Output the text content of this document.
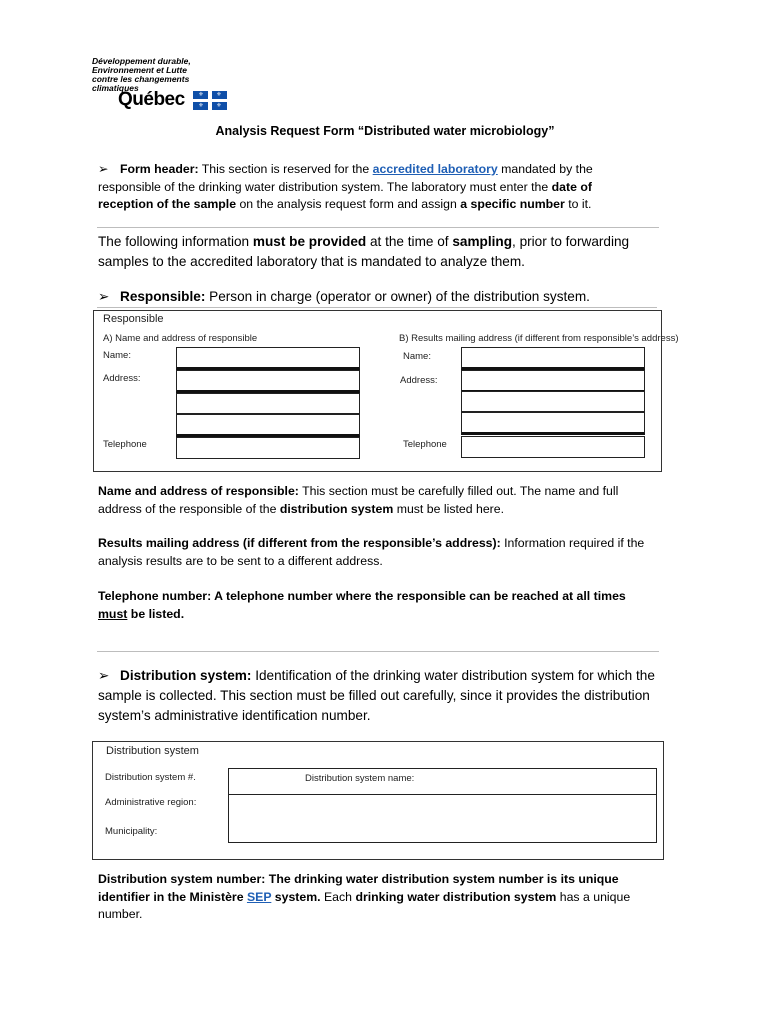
Développement durable,
Environnement et Lutte
contre les changements
climatiques
Québec ⚜ ⚜
⚜ ⚜
Analysis Request Form “Distributed water microbiology”
➢ Form header: This section is reserved for the accredited laboratory mandated by the responsible of the drinking water distribution system. The laboratory must enter the date of reception of the sample on the analysis request form and assign a specific number to it.
The following information must be provided at the time of sampling, prior to forwarding samples to the accredited laboratory that is mandated to analyze them.
➢ Responsible: Person in charge (operator or owner) of the distribution system.
Responsible
A) Name and address of responsible	B) Results mailing address (if different from responsible’s address)
Name:
Address:
Telephone
Name:
Address:
Telephone
Name and address of responsible: This section must be carefully filled out. The name and full address of the responsible of the distribution system must be listed here.
Results mailing address (if different from the responsible’s address): Information required if the analysis results are to be sent to a different address.
Telephone number: A telephone number where the responsible can be reached at all times must be listed.
➢ Distribution system: Identification of the drinking water distribution system for which the sample is collected. This section must be filled out carefully, since it provides the distribution system’s administrative identification number.
Distribution system
Distribution system #.
Administrative region:
Municipality:
Distribution system name:
Distribution system number: The drinking water distribution system number is its unique identifier in the Ministère SEP system. Each drinking water distribution system has a unique number.
